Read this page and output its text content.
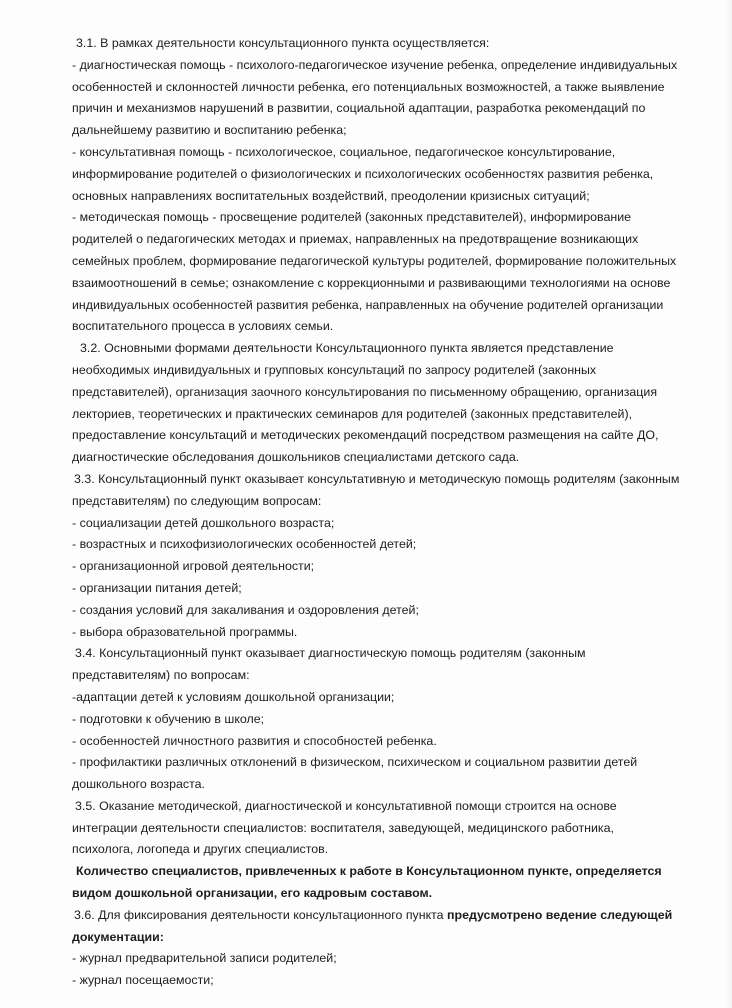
3.1. В рамках деятельности консультационного пункта осуществляется:
- диагностическая помощь - психолого-педагогическое изучение ребенка, определение индивидуальных
особенностей и склонностей личности ребенка, его потенциальных возможностей, а также выявление
причин и механизмов нарушений в развитии, социальной адаптации, разработка рекомендаций по
дальнейшему развитию и воспитанию ребенка;
- консультативная помощь - психологическое, социальное, педагогическое консультирование,
информирование родителей о физиологических и психологических особенностях развития ребенка,
основных направлениях воспитательных воздействий, преодолении кризисных ситуаций;
- методическая помощь - просвещение родителей (законных представителей), информирование
родителей о педагогических методах и приемах, направленных на предотвращение возникающих
семейных проблем, формирование педагогической культуры родителей, формирование положительных
взаимоотношений в семье; ознакомление с коррекционными и развивающими технологиями на основе
индивидуальных особенностей развития ребенка, направленных на обучение родителей организации
воспитательного процесса в условиях семьи.
3.2. Основными формами деятельности Консультационного пункта является представление
необходимых индивидуальных и групповых консультаций по запросу родителей (законных
представителей), организация заочного консультирования по письменному обращению, организация
лекториев, теоретических и практических семинаров для родителей (законных представителей),
предоставление консультаций и методических рекомендаций посредством размещения на сайте ДО,
диагностические обследования дошкольников специалистами детского сада.
3.3. Консультационный пункт оказывает консультативную и методическую помощь родителям (законным
представителям) по следующим вопросам:
- социализации детей дошкольного возраста;
- возрастных и психофизиологических особенностей детей;
- организационной игровой деятельности;
- организации питания детей;
- создания условий для закаливания и оздоровления детей;
- выбора образовательной программы.
3.4. Консультационный пункт оказывает диагностическую помощь родителям (законным
представителям) по вопросам:
-адаптации детей к условиям дошкольной организации;
- подготовки к обучению в школе;
- особенностей личностного развития и способностей ребенка.
- профилактики различных отклонений в физическом, психическом и социальном развитии детей
дошкольного возраста.
3.5. Оказание методической, диагностической и консультативной помощи строится на основе
интеграции деятельности специалистов: воспитателя, заведующей, медицинского работника,
психолога, логопеда и других специалистов.
Количество специалистов, привлеченных к работе в Консультационном пункте, определяется
видом дошкольной организации, его кадровым составом.
3.6. Для фиксирования деятельности консультационного пункта предусмотрено ведение следующей
документации:
- журнал предварительной записи родителей;
- журнал посещаемости;
